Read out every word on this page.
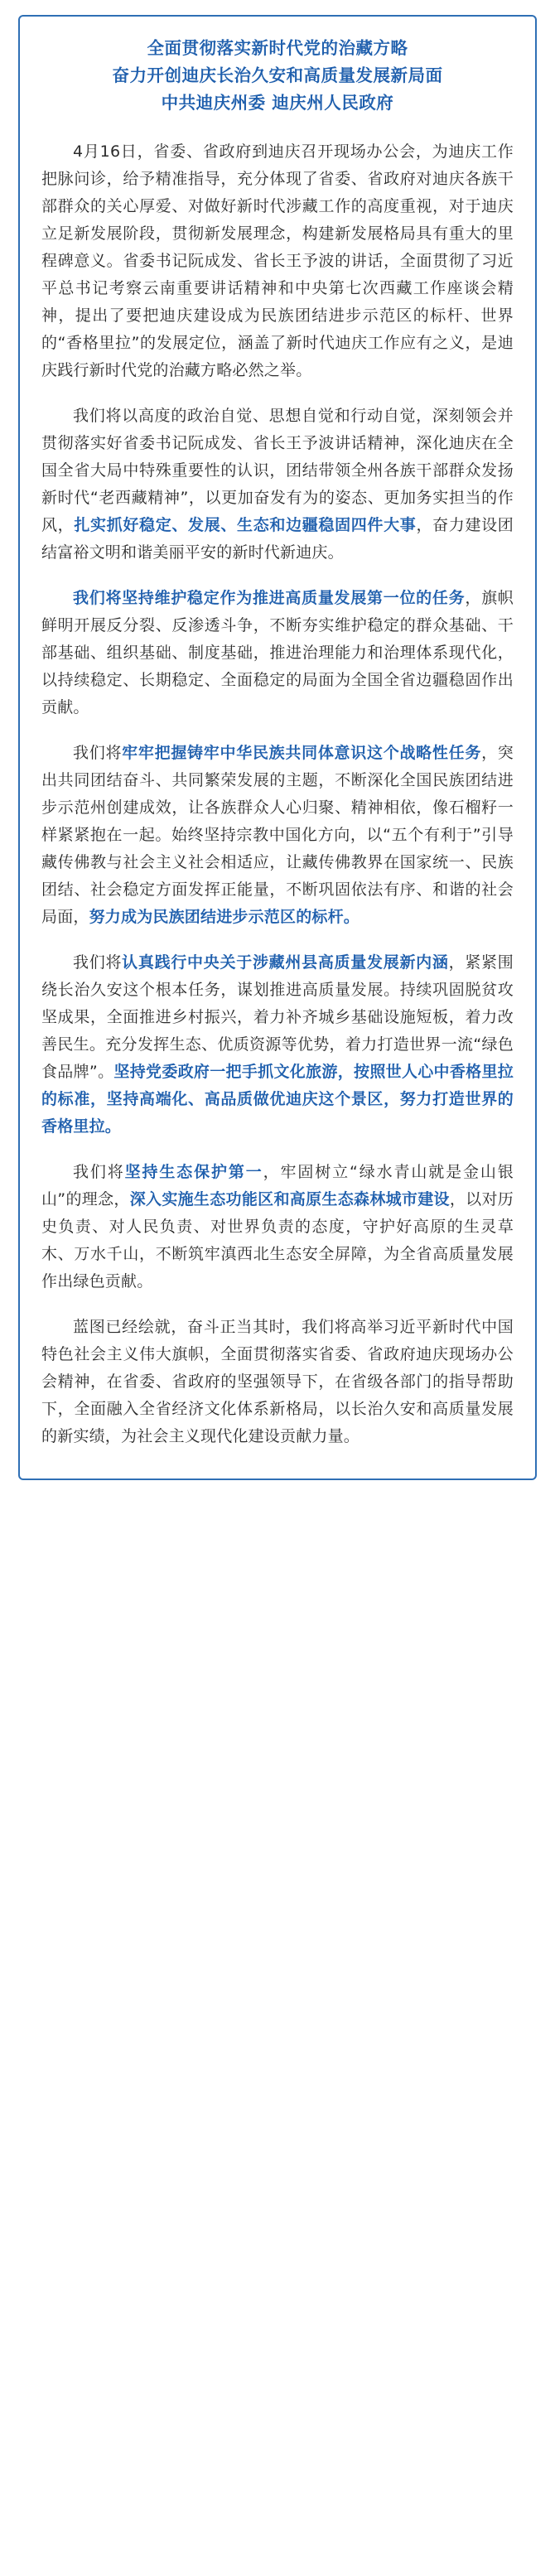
全面贯彻落实新时代党的治藏方略
奋力开创迪庆长治久安和高质量发展新局面
中共迪庆州委 迪庆州人民政府

4月16日，省委、省政府到迪庆召开现场办公会，为迪庆工作把脉问诊，给予精准指导，充分体现了省委、省政府对迪庆各族干部群众的关心厚爱、对做好新时代涉藏工作的高度重视，对于迪庆立足新发展阶段，贯彻新发展理念，构建新发展格局具有重大的里程碑意义。省委书记阮成发、省长王予波的讲话，全面贯彻了习近平总书记考察云南重要讲话精神和中央第七次西藏工作座谈会精神，提出了要把迪庆建设成为民族团结进步示范区的标杆、世界的“香格里拉”的发展定位，涵盖了新时代迪庆工作应有之义，是迪庆践行新时代党的治藏方略必然之举。

我们将以高度的政治自觉、思想自觉和行动自觉，深刻领会并贯彻落实好省委书记阮成发、省长王予波讲话精神，深化迪庆在全国全省大局中特殊重要性的认识，团结带领全州各族干部群众发扬新时代“老西藏精神”，以更加奋发有为的姿态、更加务实担当的作风，扎实抓好稳定、发展、生态和边疆稳固四件大事，奋力建设团结富裕文明和谐美丽平安的新时代新迪庆。

我们将坚持维护稳定作为推进高质量发展第一位的任务，旗帜鲜明开展反分裂、反渗透斗争，不断夯实维护稳定的群众基础、干部基础、组织基础、制度基础，推进治理能力和治理体系现代化，以持续稳定、长期稳定、全面稳定的局面为全国全省边疆稳固作出贡献。

我们将牢牢把握铸牢中华民族共同体意识这个战略性任务，突出共同团结奋斗、共同繁荣发展的主题，不断深化全国民族团结进步示范州创建成效，让各族群众人心归聚、精神相依，像石榴籽一样紧紧抱在一起。始终坚持宗教中国化方向，以“五个有利于”引导藏传佛教与社会主义社会相适应，让藏传佛教界在国家统一、民族团结、社会稳定方面发挥正能量，不断巩固依法有序、和谐的社会局面，努力成为民族团结进步示范区的标杆。

我们将认真践行中央关于涉藏州县高质量发展新内涵，紧紧围绕长治久安这个根本任务，谋划推进高质量发展。持续巩固脱贫攻坚成果，全面推进乡村振兴，着力补齐城乡基础设施短板，着力改善民生。充分发挥生态、优质资源等优势，着力打造世界一流“绿色食品牌”。坚持党委政府一把手抓文化旅游，按照世人心中香格里拉的标准，坚持高端化、高品质做优迪庆这个景区，努力打造世界的香格里拉。

我们将坚持生态保护第一，牢固树立“绿水青山就是金山银山”的理念，深入实施生态功能区和高原生态森林城市建设，以对历史负责、对人民负责、对世界负责的态度，守护好高原的生灵草木、万水千山，不断筑牢滇西北生态安全屏障，为全省高质量发展作出绿色贡献。

蓝图已经绘就，奋斗正当其时，我们将高举习近平新时代中国特色社会主义伟大旗帜，全面贯彻落实省委、省政府迪庆现场办公会精神，在省委、省政府的坚强领导下，在省级各部门的指导帮助下，全面融入全省经济文化体系新格局，以长治久安和高质量发展的新实绩，为社会主义现代化建设贡献力量。
